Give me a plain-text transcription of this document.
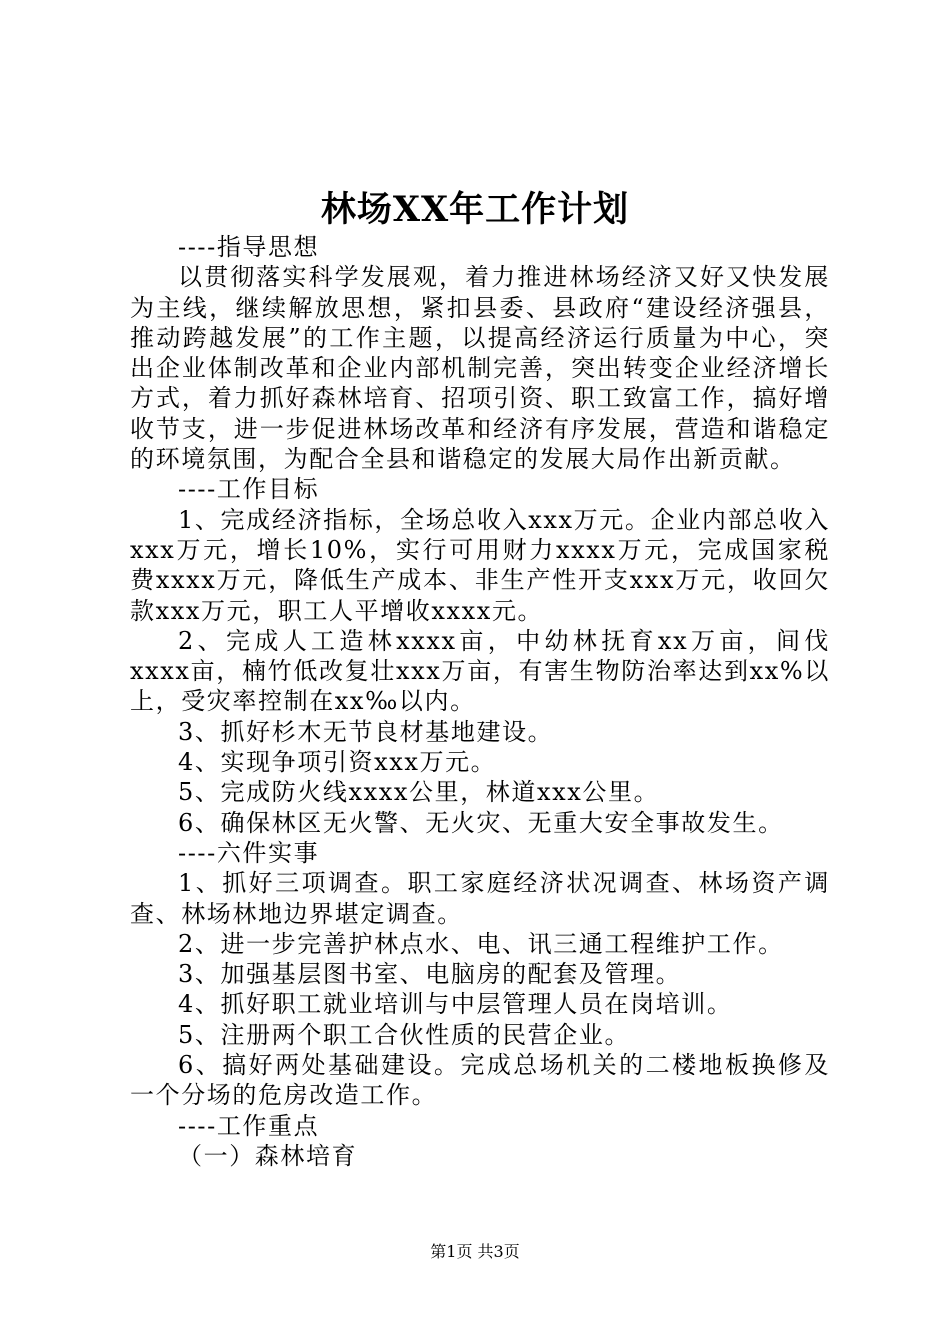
林场XX年工作计划

----指导思想

以贯彻落实科学发展观，着力推进林场经济又好又快发展为主线，继续解放思想，紧扣县委、县政府“建设经济强县，推动跨越发展”的工作主题，以提高经济运行质量为中心，突出企业体制改革和企业内部机制完善，突出转变企业经济增长方式，着力抓好森林培育、招项引资、职工致富工作，搞好增收节支，进一步促进林场改革和经济有序发展，营造和谐稳定的环境氛围，为配合全县和谐稳定的发展大局作出新贡献。

----工作目标

1、完成经济指标，全场总收入xxx万元。企业内部总收入xxx万元，增长10%，实行可用财力xxxx万元，完成国家税费xxxx万元，降低生产成本、非生产性开支xxx万元，收回欠款xxx万元，职工人平增收xxxx元。

2、完成人工造林xxxx亩，中幼林抚育xx万亩，间伐xxxx亩，楠竹低改复壮xxx万亩，有害生物防治率达到xx%以上，受灾率控制在xx‰以内。

3、抓好杉木无节良材基地建设。

4、实现争项引资xxx万元。

5、完成防火线xxxx公里，林道xxx公里。

6、确保林区无火警、无火灾、无重大安全事故发生。

----六件实事

1、抓好三项调查。职工家庭经济状况调查、林场资产调查、林场林地边界堪定调查。

2、进一步完善护林点水、电、讯三通工程维护工作。

3、加强基层图书室、电脑房的配套及管理。

4、抓好职工就业培训与中层管理人员在岗培训。

5、注册两个职工合伙性质的民营企业。

6、搞好两处基础建设。完成总场机关的二楼地板换修及一个分场的危房改造工作。

----工作重点

（一）森林培育

第1页 共3页
